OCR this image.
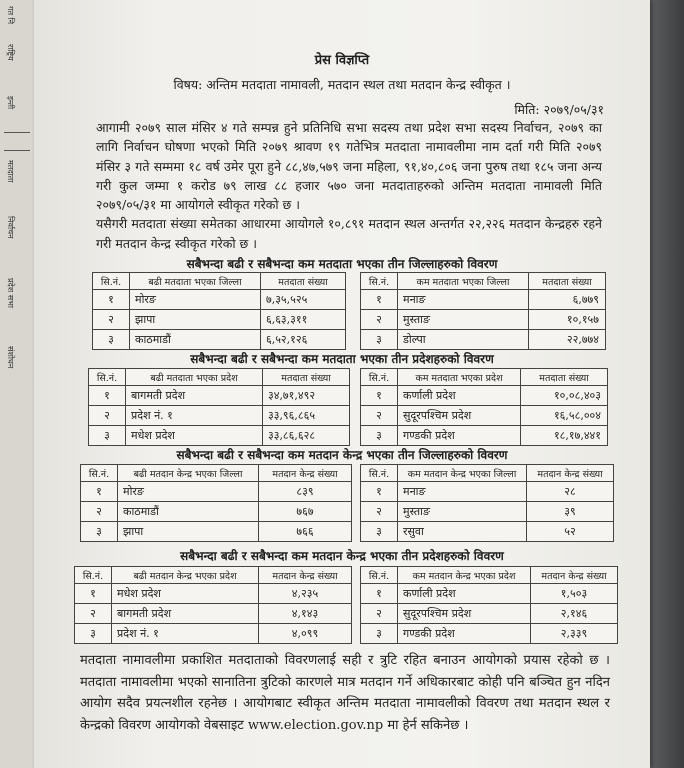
गत नि
राष्ट्रिय
इन्ती
मतदाता
निर्वाचन
प्रदेश सभा
संशोधन
प्रेस विज्ञप्ति
विषय: अन्तिम मतदाता नामावली, मतदान स्थल तथा मतदान केन्द्र स्वीकृत ।
मिति: २०७९/०५/३१

आगामी २०७९ साल मंसिर ४ गते सम्पन्न हुने प्रतिनिधि सभा सदस्य तथा प्रदेश सभा सदस्य निर्वाचन, २०७९ का लागि निर्वाचन घोषणा भएको मिति २०७९ श्रावण १९ गतेभित्र मतदाता नामावलीमा नाम दर्ता गरी मिति २०७९ मंसिर ३ गते सम्ममा १८ वर्ष उमेर पूरा हुने ८८,४७,५७९ जना महिला, ९१,४०,८०६ जना पुरुष तथा १८५ जना अन्य गरी कुल जम्मा १ करोड ७९ लाख ८८ हजार ५७० जना मतदाताहरुको अन्तिम मतदाता नामावली मिति २०७९/०५/३१ मा आयोगले स्वीकृत गरेको छ ।

यसैगरी मतदाता संख्या समेतका आधारमा आयोगले १०,८९१ मतदान स्थल अन्तर्गत २२,२२६ मतदान केन्द्रहरु रहने गरी मतदान केन्द्र स्वीकृत गरेको छ ।

सबैभन्दा बढी र सबैभन्दा कम मतदाता भएका तीन जिल्लाहरुको विवरण
सि.नं.	बढी मतदाता भएका जिल्ला	मतदाता संख्या
१	मोरङ	७,३५,५२५
२	झापा	६,६३,३११
३	काठमाडौं	६,५२,१२६
सि.नं.	कम मतदाता भएका जिल्ला	मतदाता संख्या
१	मनाङ	६,७७९
२	मुस्ताङ	१०,१५७
३	डोल्पा	२२,७७४
सबैभन्दा बढी र सबैभन्दा कम मतदाता भएका तीन प्रदेशहरुको विवरण
सि.नं.	बढी मतदाता भएका प्रदेश	मतदाता संख्या
१	बागमती प्रदेश	३४,७१,४९२
२	प्रदेश नं. १	३३,९६,८६५
३	मधेश प्रदेश	३३,८६,६२८
सि.नं.	कम मतदाता भएका प्रदेश	मतदाता संख्या
१	कर्णाली प्रदेश	१०,०८,४०३
२	सुदूरपश्चिम प्रदेश	१६,५८,००४
३	गण्डकी प्रदेश	१८,१७,४४१
सबैभन्दा बढी र सबैभन्दा कम मतदान केन्द्र भएका तीन जिल्लाहरुको विवरण
सि.नं.	बढी मतदान केन्द्र भएका जिल्ला	मतदान केन्द्र संख्या
१	मोरङ	८३९
२	काठमाडौं	७६७
३	झापा	७६६
सि.नं.	कम मतदान केन्द्र भएका जिल्ला	मतदान केन्द्र संख्या
१	मनाङ	२८
२	मुस्ताङ	३९
३	रसुवा	५२
सबैभन्दा बढी र सबैभन्दा कम मतदान केन्द्र भएका तीन प्रदेशहरुको विवरण
सि.नं.	बढी मतदान केन्द्र भएका प्रदेश	मतदान केन्द्र संख्या
१	मधेश प्रदेश	४,२३५
२	बागमती प्रदेश	४,१४३
३	प्रदेश नं. १	४,०९९
सि.नं.	कम मतदान केन्द्र भएका प्रदेश	मतदान केन्द्र संख्या
१	कर्णाली प्रदेश	१,५०३
२	सुदूरपश्चिम प्रदेश	२,१४६
३	गण्डकी प्रदेश	२,३३९
मतदाता नामावलीमा प्रकाशित मतदाताको विवरणलाई सही र त्रुटि रहित बनाउन आयोगको प्रयास रहेको छ । मतदाता नामावलीमा भएको सानातिना त्रुटिको कारणले मात्र मतदान गर्ने अधिकारबाट कोही पनि बञ्चित हुन नदिन आयोग सदैव प्रयत्नशील रहनेछ । आयोगबाट स्वीकृत अन्तिम मतदाता नामावलीको विवरण तथा मतदान स्थल र केन्द्रको विवरण आयोगको वेबसाइट www.election.gov.np मा हेर्न सकिनेछ ।
